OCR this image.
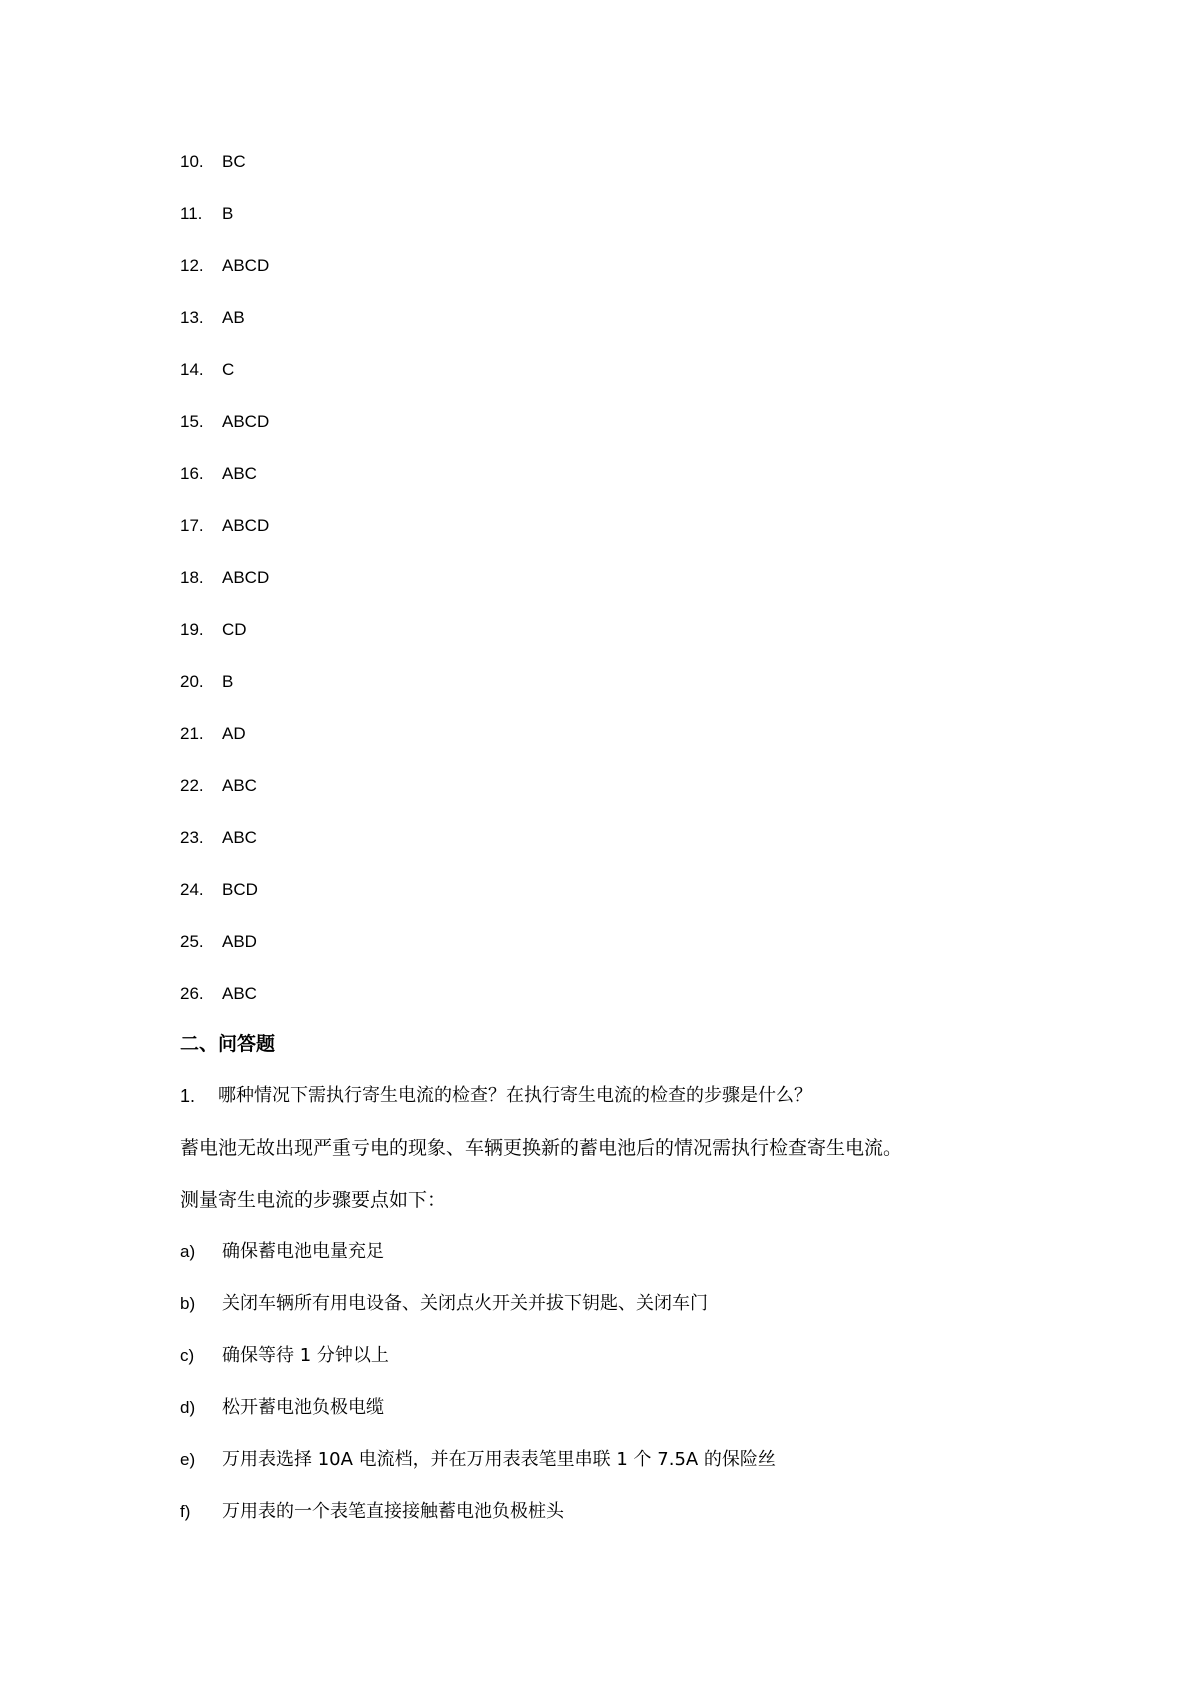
10.	BC
11.	B
12.	ABCD
13.	AB
14.	C
15.	ABCD
16.	ABC
17.	ABCD
18.	ABCD
19.	CD
20.	B
21.	AD
22.	ABC
23.	ABC
24.	BCD
25.	ABD
26.	ABC
二、问答题
1.	哪种情况下需执行寄生电流的检查？在执行寄生电流的检查的步骤是什么？

蓄电池无故出现严重亏电的现象、车辆更换新的蓄电池后的情况需执行检查寄生电流。

测量寄生电流的步骤要点如下：

a)	确保蓄电池电量充足
b)	关闭车辆所有用电设备、关闭点火开关并拔下钥匙、关闭车门
c)	确保等待 1 分钟以上
d)	松开蓄电池负极电缆
e)	万用表选择 10A 电流档，并在万用表表笔里串联 1 个 7.5A 的保险丝
f)	万用表的一个表笔直接接触蓄电池负极桩头
